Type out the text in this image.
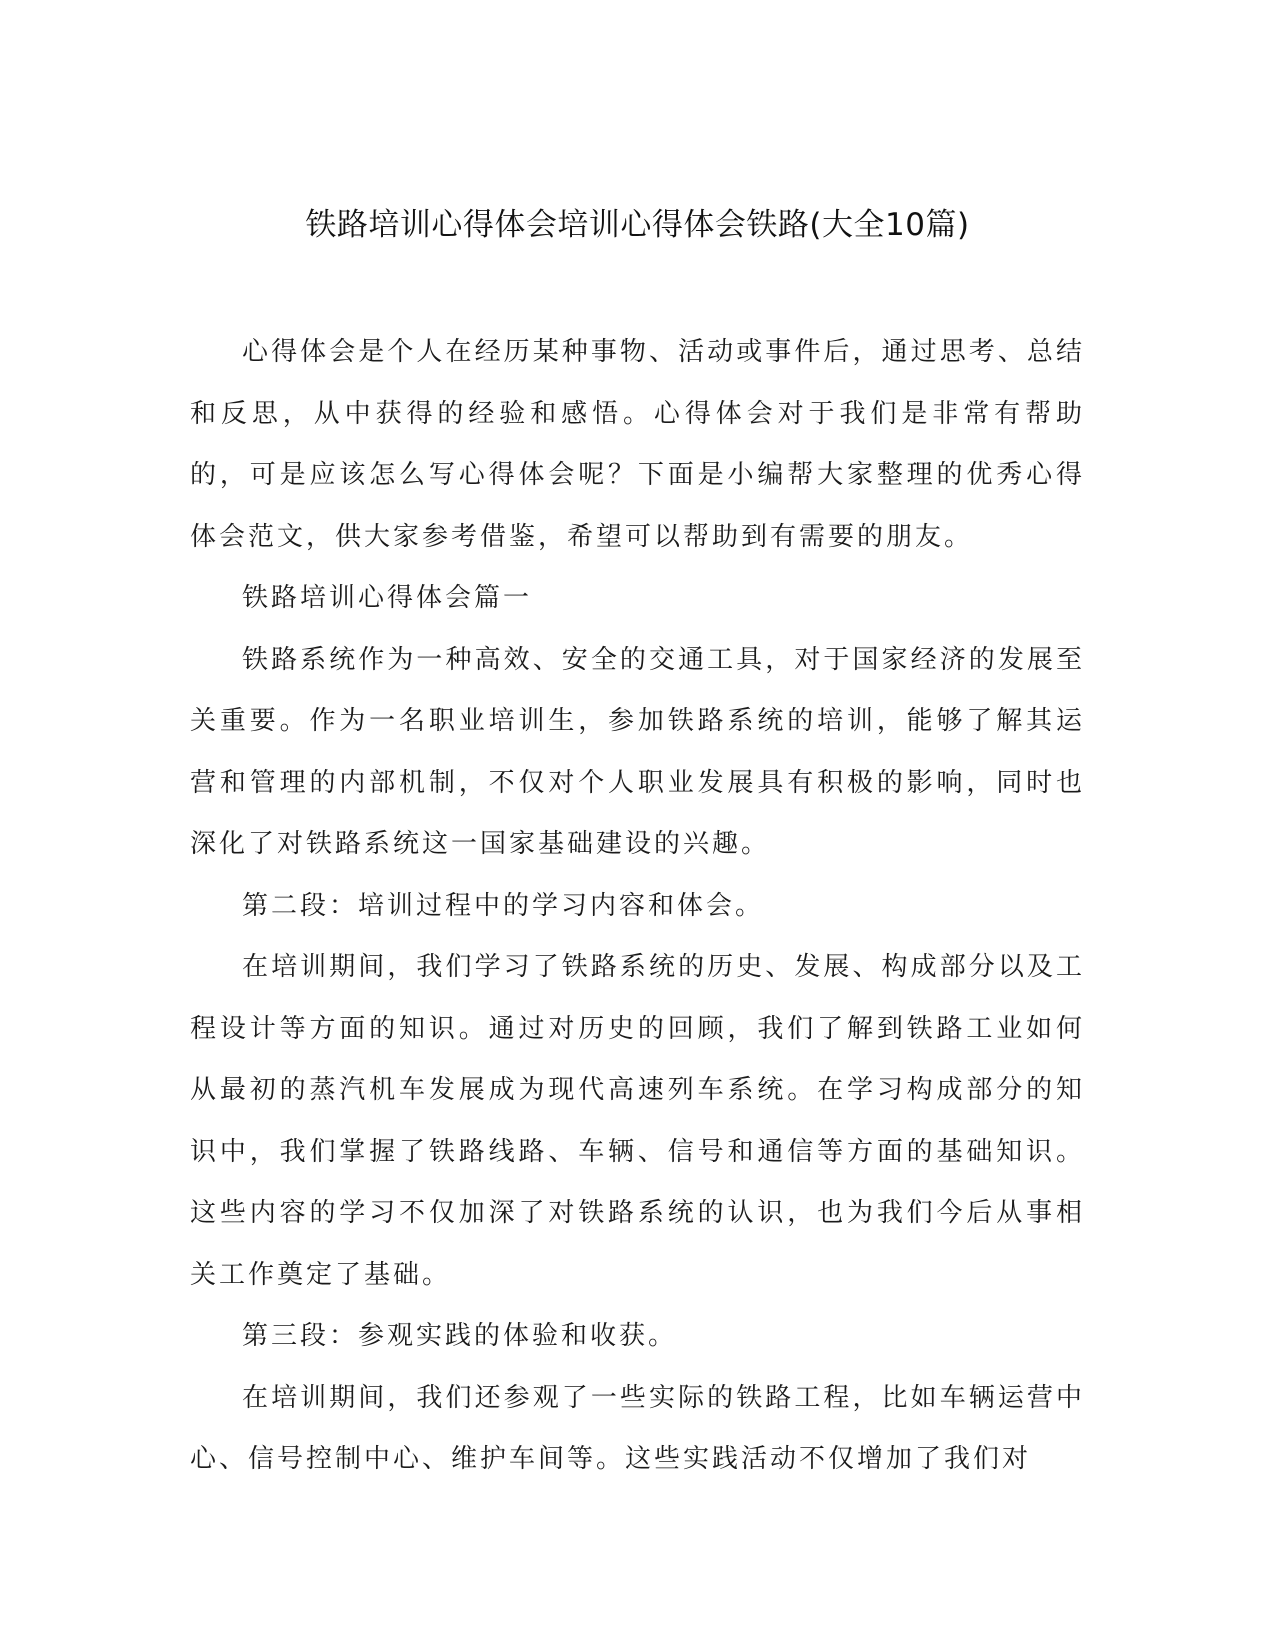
铁路培训心得体会培训心得体会铁路(大全10篇)

心得体会是个人在经历某种事物、活动或事件后，通过思考、总结和反思，从中获得的经验和感悟。心得体会对于我们是非常有帮助的，可是应该怎么写心得体会呢？下面是小编帮大家整理的优秀心得体会范文，供大家参考借鉴，希望可以帮助到有需要的朋友。

铁路培训心得体会篇一

铁路系统作为一种高效、安全的交通工具，对于国家经济的发展至关重要。作为一名职业培训生，参加铁路系统的培训，能够了解其运营和管理的内部机制，不仅对个人职业发展具有积极的影响，同时也深化了对铁路系统这一国家基础建设的兴趣。

第二段：培训过程中的学习内容和体会。

在培训期间，我们学习了铁路系统的历史、发展、构成部分以及工程设计等方面的知识。通过对历史的回顾，我们了解到铁路工业如何从最初的蒸汽机车发展成为现代高速列车系统。在学习构成部分的知识中，我们掌握了铁路线路、车辆、信号和通信等方面的基础知识。这些内容的学习不仅加深了对铁路系统的认识，也为我们今后从事相关工作奠定了基础。

第三段：参观实践的体验和收获。

在培训期间，我们还参观了一些实际的铁路工程，比如车辆运营中心、信号控制中心、维护车间等。这些实践活动不仅增加了我们对
